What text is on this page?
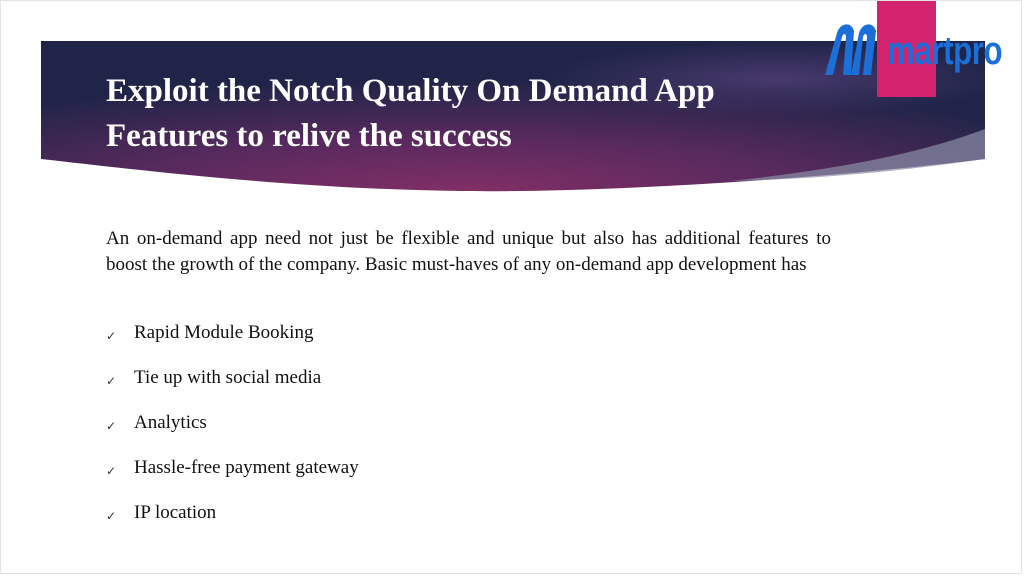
martpro
Exploit the Notch Quality On Demand App
Features to relive the success

An on-demand app need not just be flexible and unique but also has additional features to boost the growth of the company. Basic must-haves of any on-demand app development has

✓ Rapid Module Booking
✓ Tie up with social media
✓ Analytics
✓ Hassle-free payment gateway
✓ IP location
